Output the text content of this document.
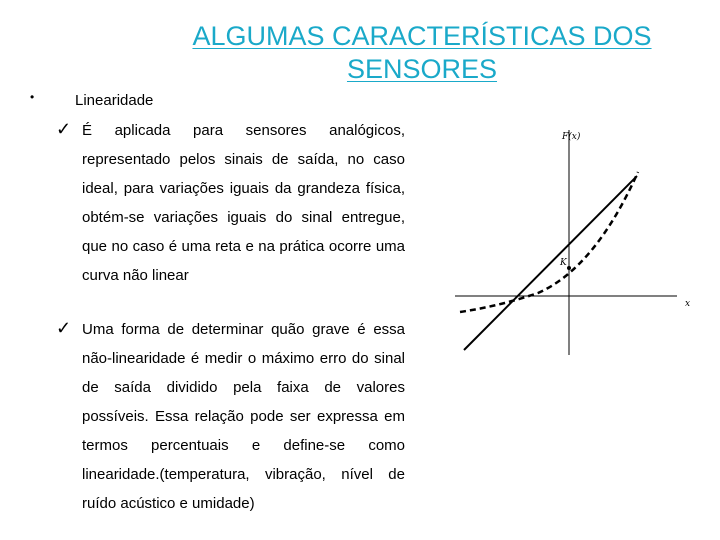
ALGUMAS CARACTERÍSTICAS DOS SENSORES
•	Linearidade
✓ É aplicada para sensores analógicos,
representado pelos sinais de saída, no caso ideal, para variações iguais da grandeza física, obtém-se variações iguais do sinal entregue, que no caso é uma reta e na prática ocorre uma curva não linear

✓ Uma forma de determinar quão grave é essa não-linearidade é medir o máximo erro do sinal de saída dividido pela faixa de valores possíveis. Essa relação pode ser expressa em termos percentuais e define-se como linearidade.(temperatura, vibração, nível de ruído acústico e umidade)

F(x)
x
K
